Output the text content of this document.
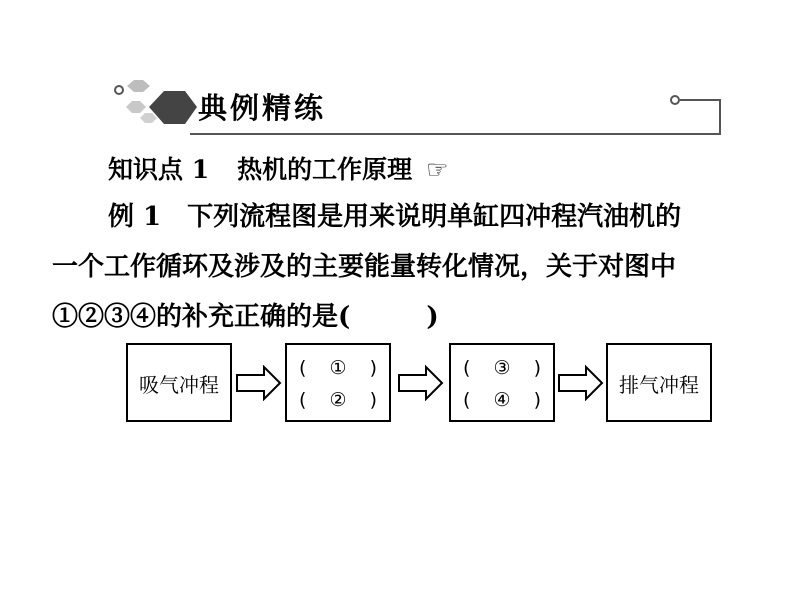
典例精练
知识点 1 热机的工作原理 ☞
例 1 下列流程图是用来说明单缸四冲程汽油机的
一个工作循环及涉及的主要能量转化情况，关于对图中
①②③④的补充正确的是(	)
吸气冲程
(	①	)
(	②	)
(	③	)
(	④	)
排气冲程
